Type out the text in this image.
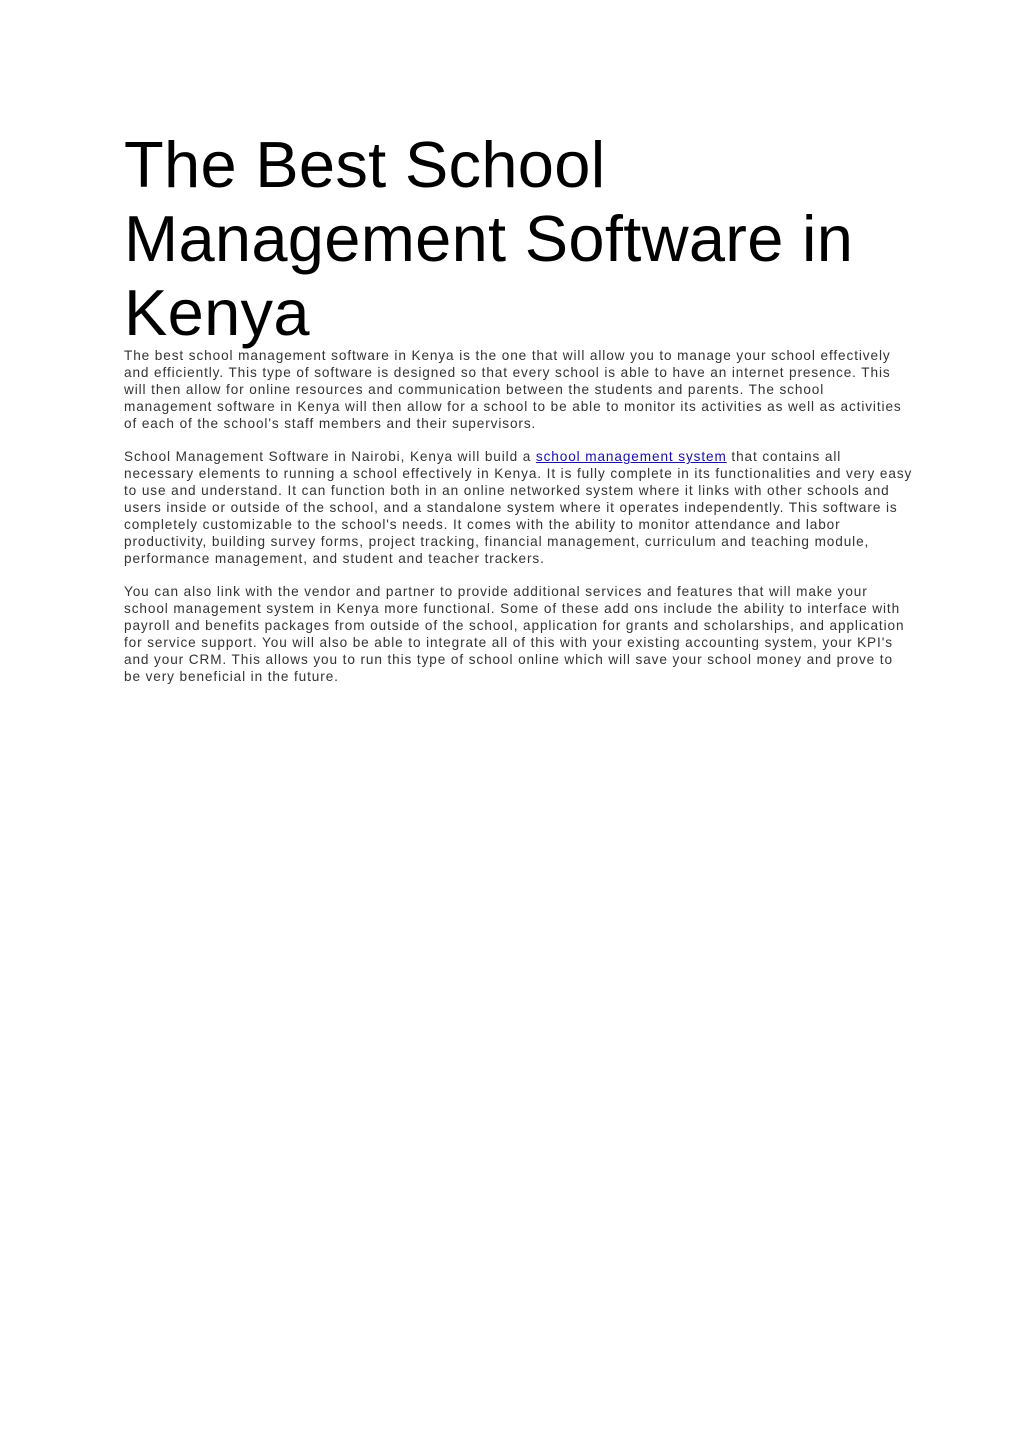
The Best School Management Software in Kenya

The best school management software in Kenya is the one that will allow you to manage your school effectively and efficiently. This type of software is designed so that every school is able to have an internet presence. This will then allow for online resources and communication between the students and parents. The school management software in Kenya will then allow for a school to be able to monitor its activities as well as activities of each of the school's staff members and their supervisors.

School Management Software in Nairobi, Kenya will build a school management system that contains all necessary elements to running a school effectively in Kenya. It is fully complete in its functionalities and very easy to use and understand. It can function both in an online networked system where it links with other schools and users inside or outside of the school, and a standalone system where it operates independently. This software is completely customizable to the school's needs. It comes with the ability to monitor attendance and labor productivity, building survey forms, project tracking, financial management, curriculum and teaching module, performance management, and student and teacher trackers.

You can also link with the vendor and partner to provide additional services and features that will make your school management system in Kenya more functional. Some of these add ons include the ability to interface with payroll and benefits packages from outside of the school, application for grants and scholarships, and application for service support. You will also be able to integrate all of this with your existing accounting system, your KPI's and your CRM. This allows you to run this type of school online which will save your school money and prove to be very beneficial in the future.
